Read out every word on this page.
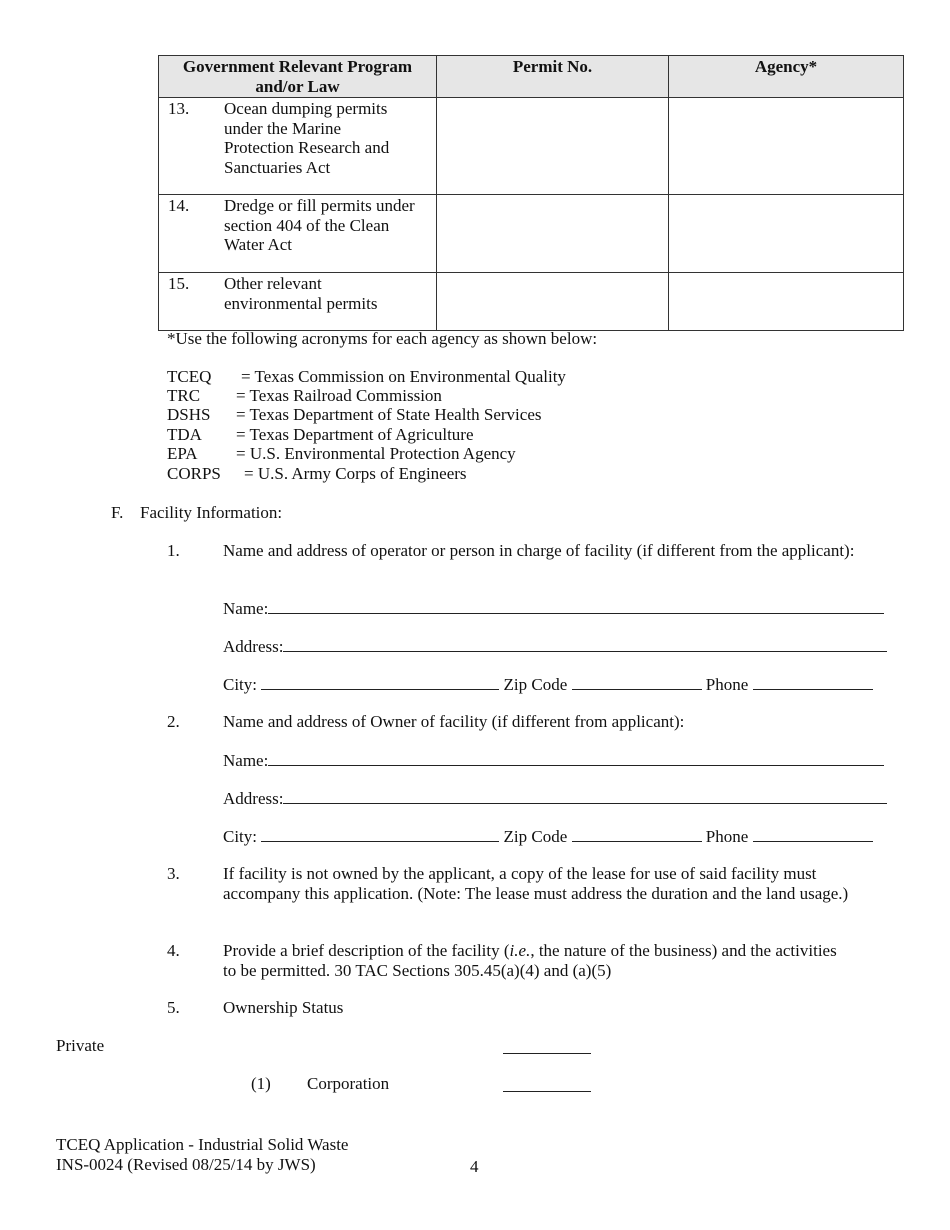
Government Relevant Program and/or Law	Permit No.	Agency*

13. Ocean dumping permits under the Marine Protection Research and Sanctuaries Act		

14. Dredge or fill permits under section 404 of the Clean Water Act		

15. Other relevant environmental permits		

*Use the following acronyms for each agency as shown below:
TCEQ = Texas Commission on Environmental Quality
TRC = Texas Railroad Commission
DSHS = Texas Department of State Health Services
TDA = Texas Department of Agriculture
EPA = U.S. Environmental Protection Agency
CORPS = U.S. Army Corps of Engineers
F. Facility Information:
1.	Name and address of operator or person in charge of facility (if different from the applicant):
Name:
Address:
City:	Zip Code	Phone
2.	Name and address of Owner of facility (if different from applicant):
Name:
Address:
City:	Zip Code	Phone
3.	If facility is not owned by the applicant, a copy of the lease for use of said facility must accompany this application. (Note: The lease must address the duration and the land usage.)
4.	Provide a brief description of the facility (i.e., the nature of the business) and the activities to be permitted. 30 TAC Sections 305.45(a)(4) and (a)(5)
5.	Ownership Status
Private
(1) Corporation
TCEQ Application - Industrial Solid Waste
INS-0024 (Revised 08/25/14 by JWS)	4
